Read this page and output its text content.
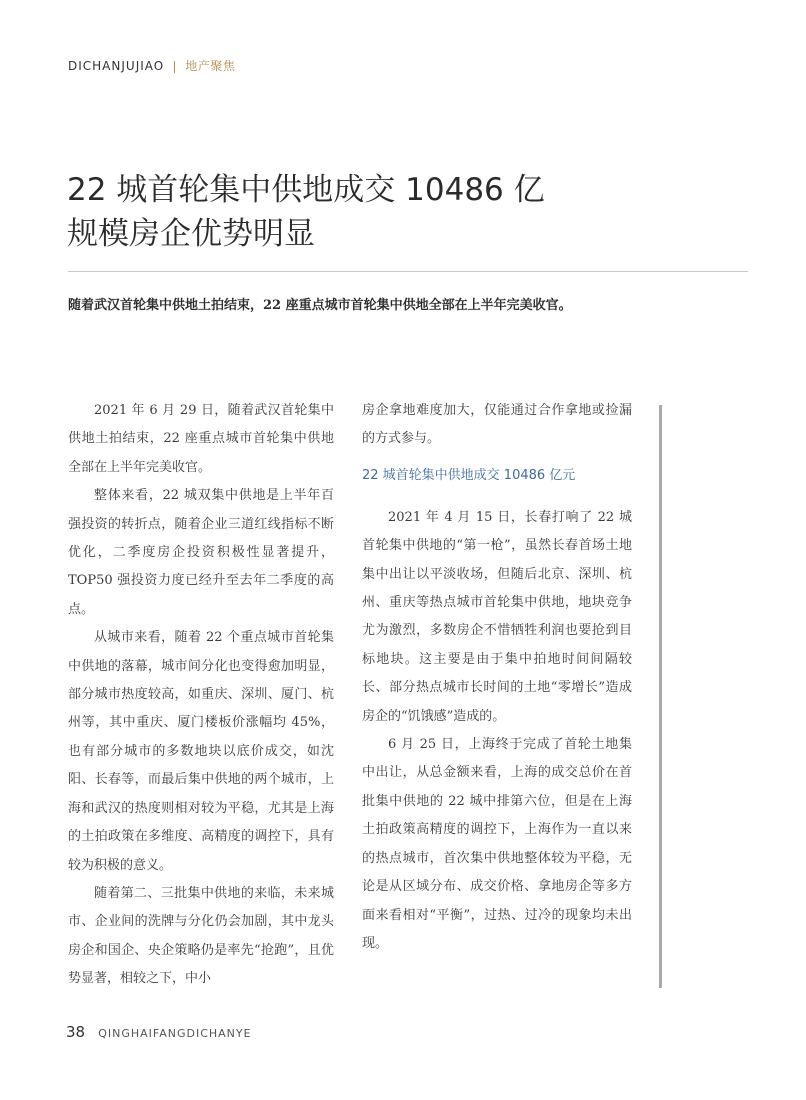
DICHANJUJIAO | 地产聚焦
22 城首轮集中供地成交 10486 亿
规模房企优势明显
随着武汉首轮集中供地土拍结束，22 座重点城市首轮集中供地全部在上半年完美收官。

2021 年 6 月 29 日，随着武汉首轮集中供地土拍结束，22 座重点城市首轮集中供地全部在上半年完美收官。

整体来看，22 城双集中供地是上半年百强投资的转折点，随着企业三道红线指标不断优化，二季度房企投资积极性显著提升，TOP50 强投资力度已经升至去年二季度的高点。

从城市来看，随着 22 个重点城市首轮集中供地的落幕，城市间分化也变得愈加明显，部分城市热度较高，如重庆、深圳、厦门、杭州等，其中重庆、厦门楼板价涨幅均 45%，也有部分城市的多数地块以底价成交，如沈阳、长春等，而最后集中供地的两个城市，上海和武汉的热度则相对较为平稳，尤其是上海的土拍政策在多维度、高精度的调控下，具有较为积极的意义。

随着第二、三批集中供地的来临，未来城市、企业间的洗牌与分化仍会加剧，其中龙头房企和国企、央企策略仍是率先“抢跑”，且优势显著，相较之下，中小

房企拿地难度加大，仅能通过合作拿地或捡漏的方式参与。

22 城首轮集中供地成交 10486 亿元

2021 年 4 月 15 日，长春打响了 22 城首轮集中供地的“第一枪”，虽然长春首场土地集中出让以平淡收场，但随后北京、深圳、杭州、重庆等热点城市首轮集中供地，地块竞争尤为激烈，多数房企不惜牺牲利润也要抢到目标地块。这主要是由于集中拍地时间间隔较长、部分热点城市长时间的土地“零增长”造成房企的“饥饿感”造成的。

6 月 25 日，上海终于完成了首轮土地集中出让，从总金额来看，上海的成交总价在首批集中供地的 22 城中排第六位，但是在上海土拍政策高精度的调控下，上海作为一直以来的热点城市，首次集中供地整体较为平稳，无论是从区域分布、成交价格、拿地房企等多方面来看相对“平衡”，过热、过冷的现象均未出现。

38 QINGHAIFANGDICHANYE
